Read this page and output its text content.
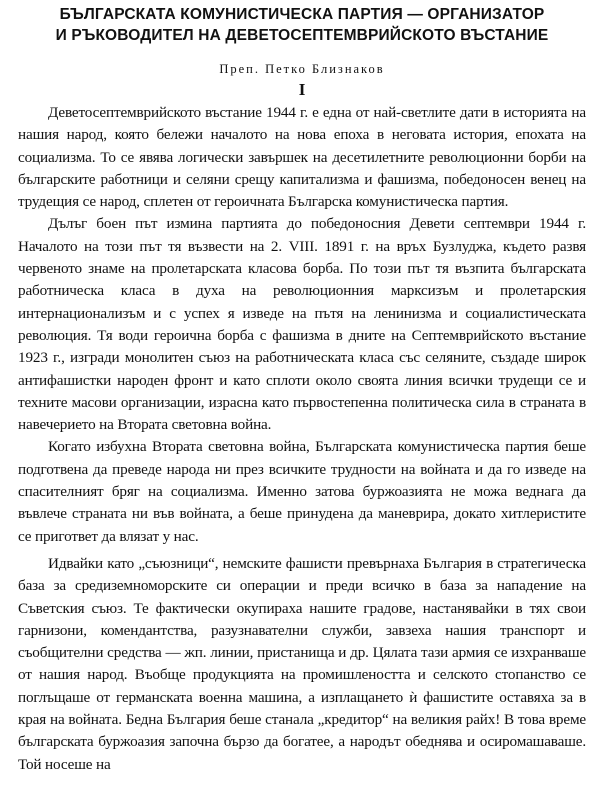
БЪЛГАРСКАТА КОМУНИСТИЧЕСКА ПАРТИЯ — ОРГАНИЗАТОР
И РЪКОВОДИТЕЛ НА ДЕВЕТОСЕПТЕМВРИЙСКОТО ВЪСТАНИЕ
Преп. Петко Близнаков
I

Деветосептемврийското въстание 1944 г. е една от най-светлите дати в историята на нашия народ, която бележи началото на нова епоха в неговата история, епохата на социализма. То се явява логически завършек на десетилетните революционни борби на българските работници и селяни срещу капитализма и фашизма, победоносен венец на трудещия се народ, сплетен от героичната Българска комунистическа партия.

Дълъг боен път измина партията до победоносния Девети септември 1944 г. Началото на този път тя възвести на 2. VIII. 1891 г. на връх Бузлуджа, където развя червеното знаме на пролетарската класова борба. По този път тя възпита българската работническа класа в духа на революционния марксизъм и пролетарския интернационализъм и с успех я изведе на пътя на ленинизма и социалистическата революция. Тя води героична борба с фашизма в дните на Септемврийското въстание 1923 г., изгради монолитен съюз на работническата класа със селяните, създаде широк антифашистки народен фронт и като сплоти около своята линия всички трудещи се и техните масови организации, израсна като първостепенна политическа сила в страната в навечерието на Втората световна война.

Когато избухна Втората световна война, Българската комунистическа партия беше подготвена да преведе народа ни през всичките трудности на войната и да го изведе на спасителният бряг на социализма. Именно затова буржоазията не можа веднага да въвлече страната ни във войната, а беше принудена да маневрира, докато хитлеристите се пригответ да влязат у нас.

Идвайки като „съюзници“, немските фашисти превърнаха България в стратегическа база за средиземноморските си операции и преди всичко в база за нападение на Съветския съюз. Те фактически окупираха нашите градове, настанявайки в тях свои гарнизони, комендантства, разузнавателни служби, завзеха нашия транспорт и съобщителни средства — жп. линии, пристанища и др. Цялата тази армия се изхранваше от нашия народ. Въобще продукцията на промишлеността и селското стопанство се поглъщаше от германската военна машина, а изплащането ѝ фашистите оставяха за в края на войната. Бедна България беше станала „кредитор“ на великия райх! В това време българската буржоазия започна бързо да богатее, а народът обеднява и осиромашаваше. Той носеше на
